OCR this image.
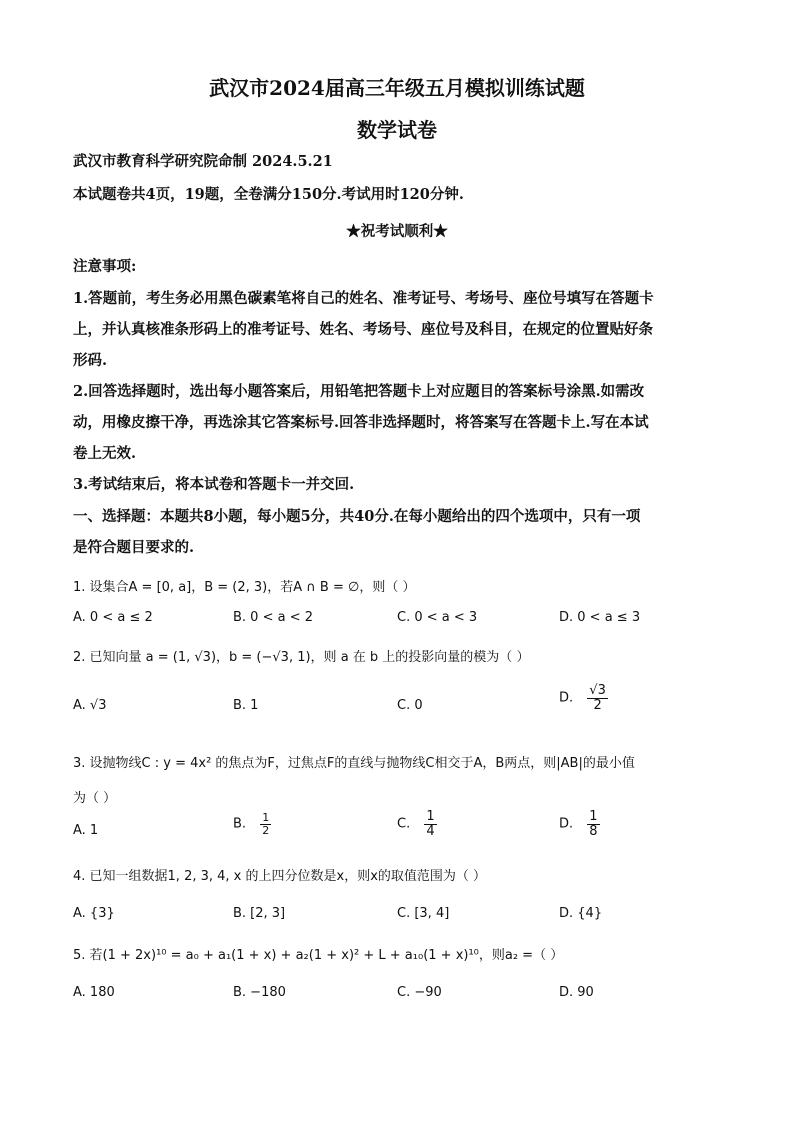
武汉市2024届高三年级五月模拟训练试题
数学试卷
武汉市教育科学研究院命制 2024.5.21
本试题卷共4页，19题，全卷满分150分.考试用时120分钟.
★祝考试顺利★
注意事项:
1.答题前，考生务必用黑色碳素笔将自己的姓名、准考证号、考场号、座位号填写在答题卡
上，并认真核准条形码上的准考证号、姓名、考场号、座位号及科目，在规定的位置贴好条
形码.
2.回答选择题时，选出每小题答案后，用铅笔把答题卡上对应题目的答案标号涂黑.如需改
动，用橡皮擦干净，再选涂其它答案标号.回答非选择题时，将答案写在答题卡上.写在本试
卷上无效.
3.考试结束后，将本试卷和答题卡一并交回.
一、选择题：本题共8小题，每小题5分，共40分.在每小题给出的四个选项中，只有一项
是符合题目要求的.
1. 设集合A = [0, a]，B = (2, 3)，若A ∩ B = ∅，则（ ）
A. 0 < a ≤ 2	B. 0 < a < 2	C. 0 < a < 3	D. 0 < a ≤ 3
2. 已知向量 a = (1, √3)，b = (−√3, 1)，则 a 在 b 上的投影向量的模为（ ）
A. √3	B. 1	C. 0	D. $\frac{√3}{2}$
3. 设抛物线C : y = 4x² 的焦点为F，过焦点F的直线与抛物线C相交于A，B两点，则|AB|的最小值
为（ ）
A. 1	B. $\frac{1}{2}$	C. $\frac{1}{4}$	D. $\frac{1}{8}$
4. 已知一组数据1, 2, 3, 4, x 的上四分位数是x，则x的取值范围为（ ）
A. {3}	B. [2, 3]	C. [3, 4]	D. {4}
5. 若(1 + 2x)¹⁰ = a₀ + a₁(1 + x) + a₂(1 + x)² + L + a₁₀(1 + x)¹⁰，则a₂ =（ ）
A. 180	B. −180	C. −90	D. 90
